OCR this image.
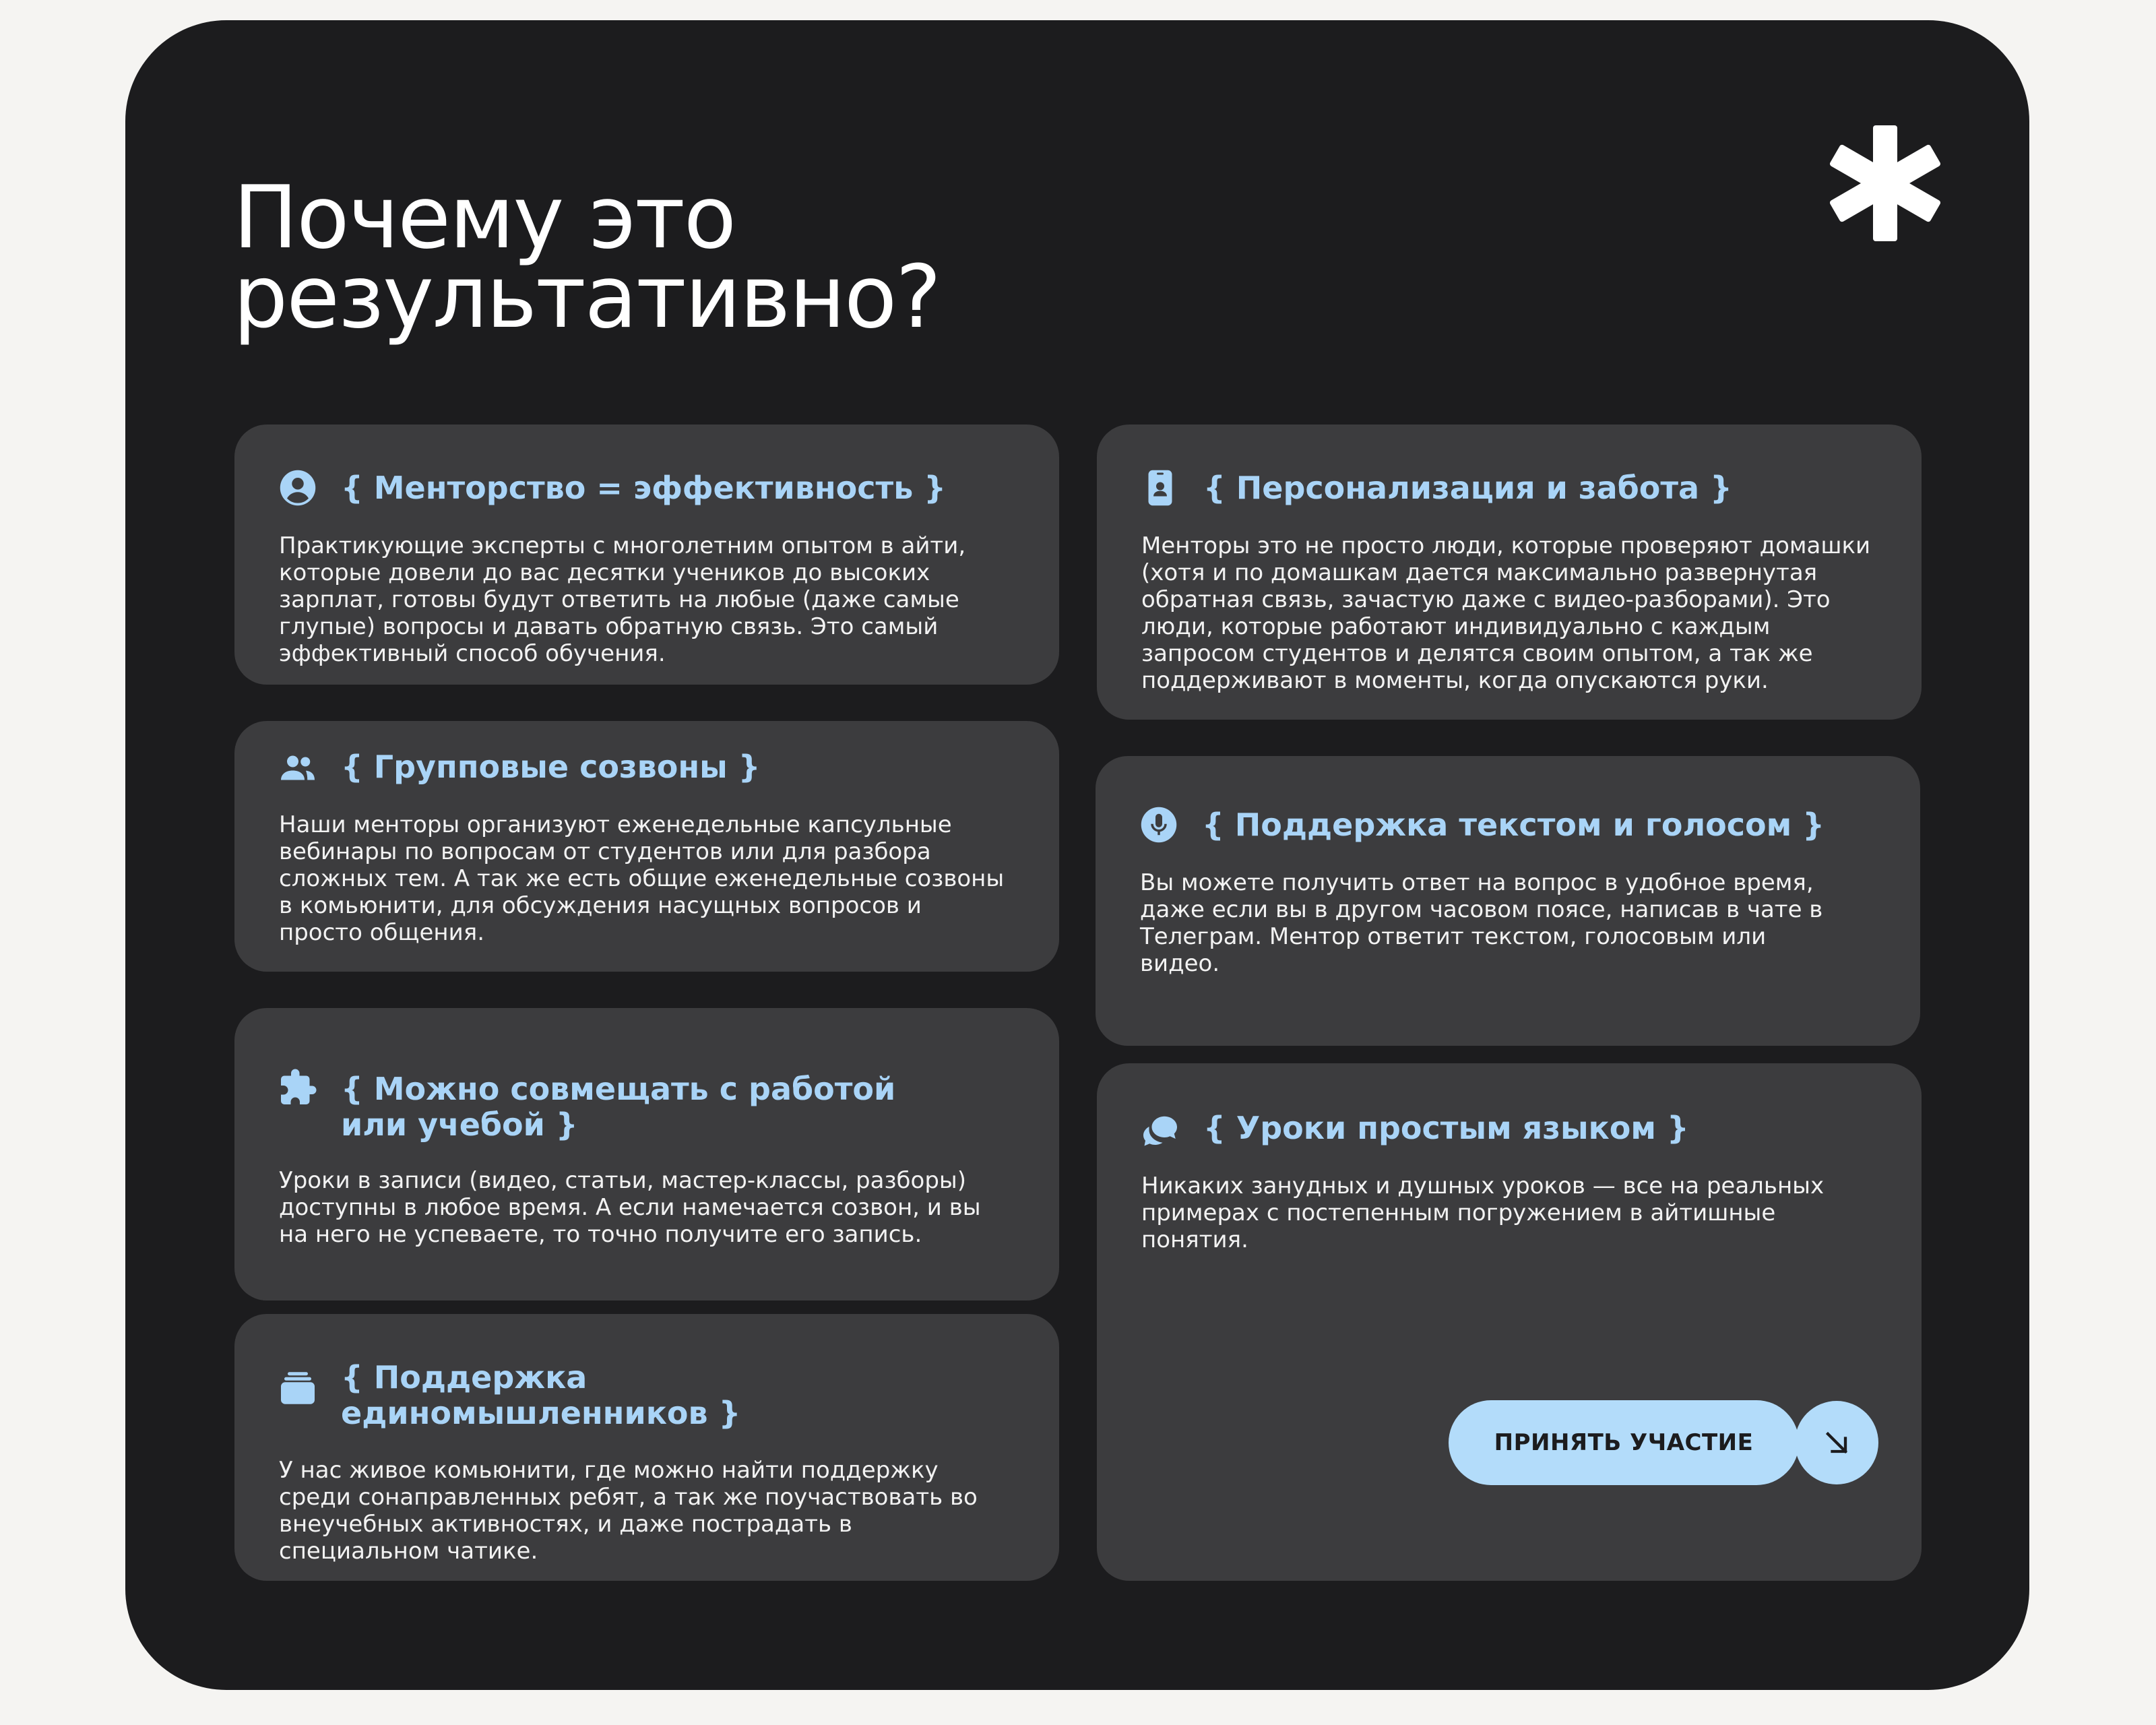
Почему это
результативно?

{ Менторство = эффективность }

Практикующие эксперты с многолетним опытом в айти,
которые довели до вас десятки учеников до высоких
зарплат, готовы будут ответить на любые (даже самые
глупые) вопросы и давать обратную связь. Это самый
эффективный способ обучения.

{ Групповые созвоны }

Наши менторы организуют еженедельные капсульные
вебинары по вопросам от студентов или для разбора
сложных тем. А так же есть общие еженедельные созвоны
в комьюнити, для обсуждения насущных вопросов и
просто общения.

{ Можно совмещать с работой
или учебой }

Уроки в записи (видео, статьи, мастер-классы, разборы)
доступны в любое время. А если намечается созвон, и вы
на него не успеваете, то точно получите его запись.

{ Поддержка
единомышленников }

У нас живое комьюнити, где можно найти поддержку
среди сонаправленных ребят, а так же поучаствовать во
внеучебных активностях, и даже пострадать в
специальном чатике.

{ Персонализация и забота }

Менторы это не просто люди, которые проверяют домашки
(хотя и по домашкам дается максимально развернутая
обратная связь, зачастую даже с видео-разборами). Это
люди, которые работают индивидуально с каждым
запросом студентов и делятся своим опытом, а так же
поддерживают в моменты, когда опускаются руки.

{ Поддержка текстом и голосом }

Вы можете получить ответ на вопрос в удобное время,
даже если вы в другом часовом поясе, написав в чате в
Телеграм. Ментор ответит текстом, голосовым или
видео.

{ Уроки простым языком }

Никаких занудных и душных уроков — все на реальных
примерах с постепенным погружением в айтишные
понятия.

ПРИНЯТЬ УЧАСТИЕ
